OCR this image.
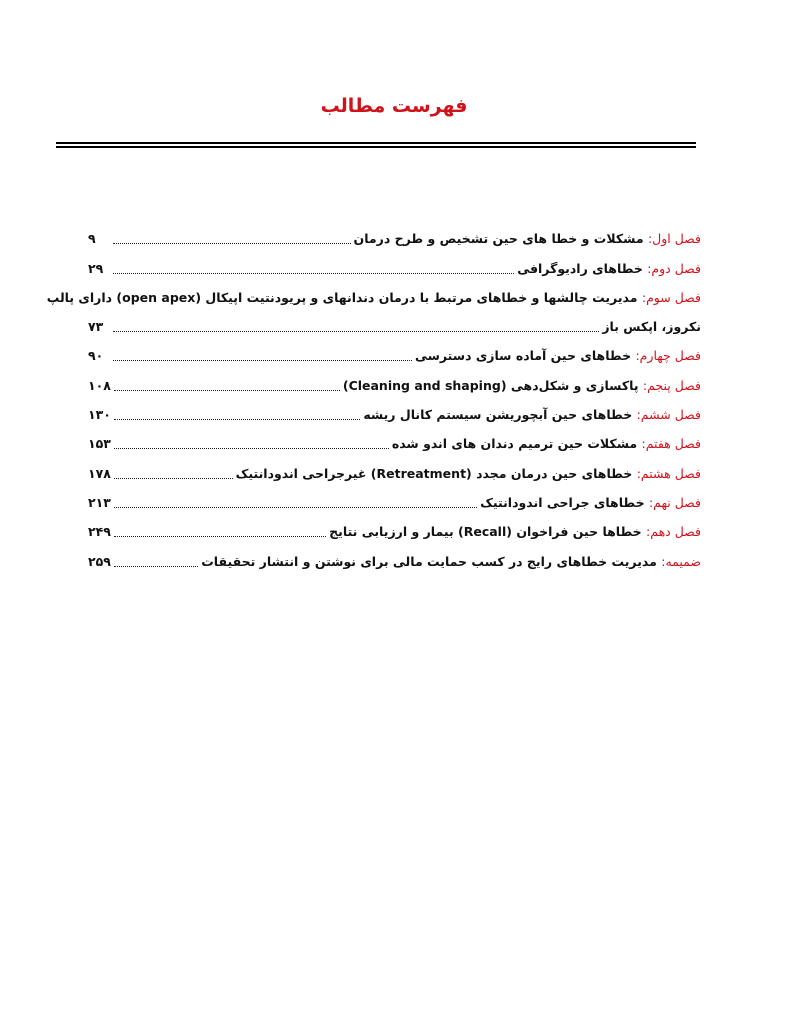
فهرست مطالب
فصل اول: مشکلات و خطا های حین تشخیص و طرح درمان
۹
فصل دوم: خطاهای رادیوگرافی
۲۹
فصل سوم: مدیریت چالشها و خطاهای مرتبط با درمان دندانهای و پریودنتیت اپیکال (open apex) دارای پالپ
نکروز، اپکس باز
۷۳
فصل چهارم: خطاهای حین آماده سازی دسترسی
۹۰
فصل پنجم: پاکسازی و شکل‌دهی (Cleaning and shaping)
۱۰۸
فصل ششم: خطاهای حین آبچوریشن سیستم کانال ریشه
۱۳۰
فصل هفتم: مشکلات حین ترمیم دندان های اندو شده
۱۵۳
فصل هشتم: خطاهای حین درمان مجدد (Retreatment) غیرجراحی اندودانتیک
۱۷۸
فصل نهم: خطاهای جراحی اندودانتیک
۲۱۳
فصل دهم: خطاها حین فراخوان (Recall) بیمار و ارزیابی نتایج
۲۴۹
ضمیمه: مدیریت خطاهای رایج در کسب حمایت مالی برای نوشتن و انتشار تحقیقات
۲۵۹
